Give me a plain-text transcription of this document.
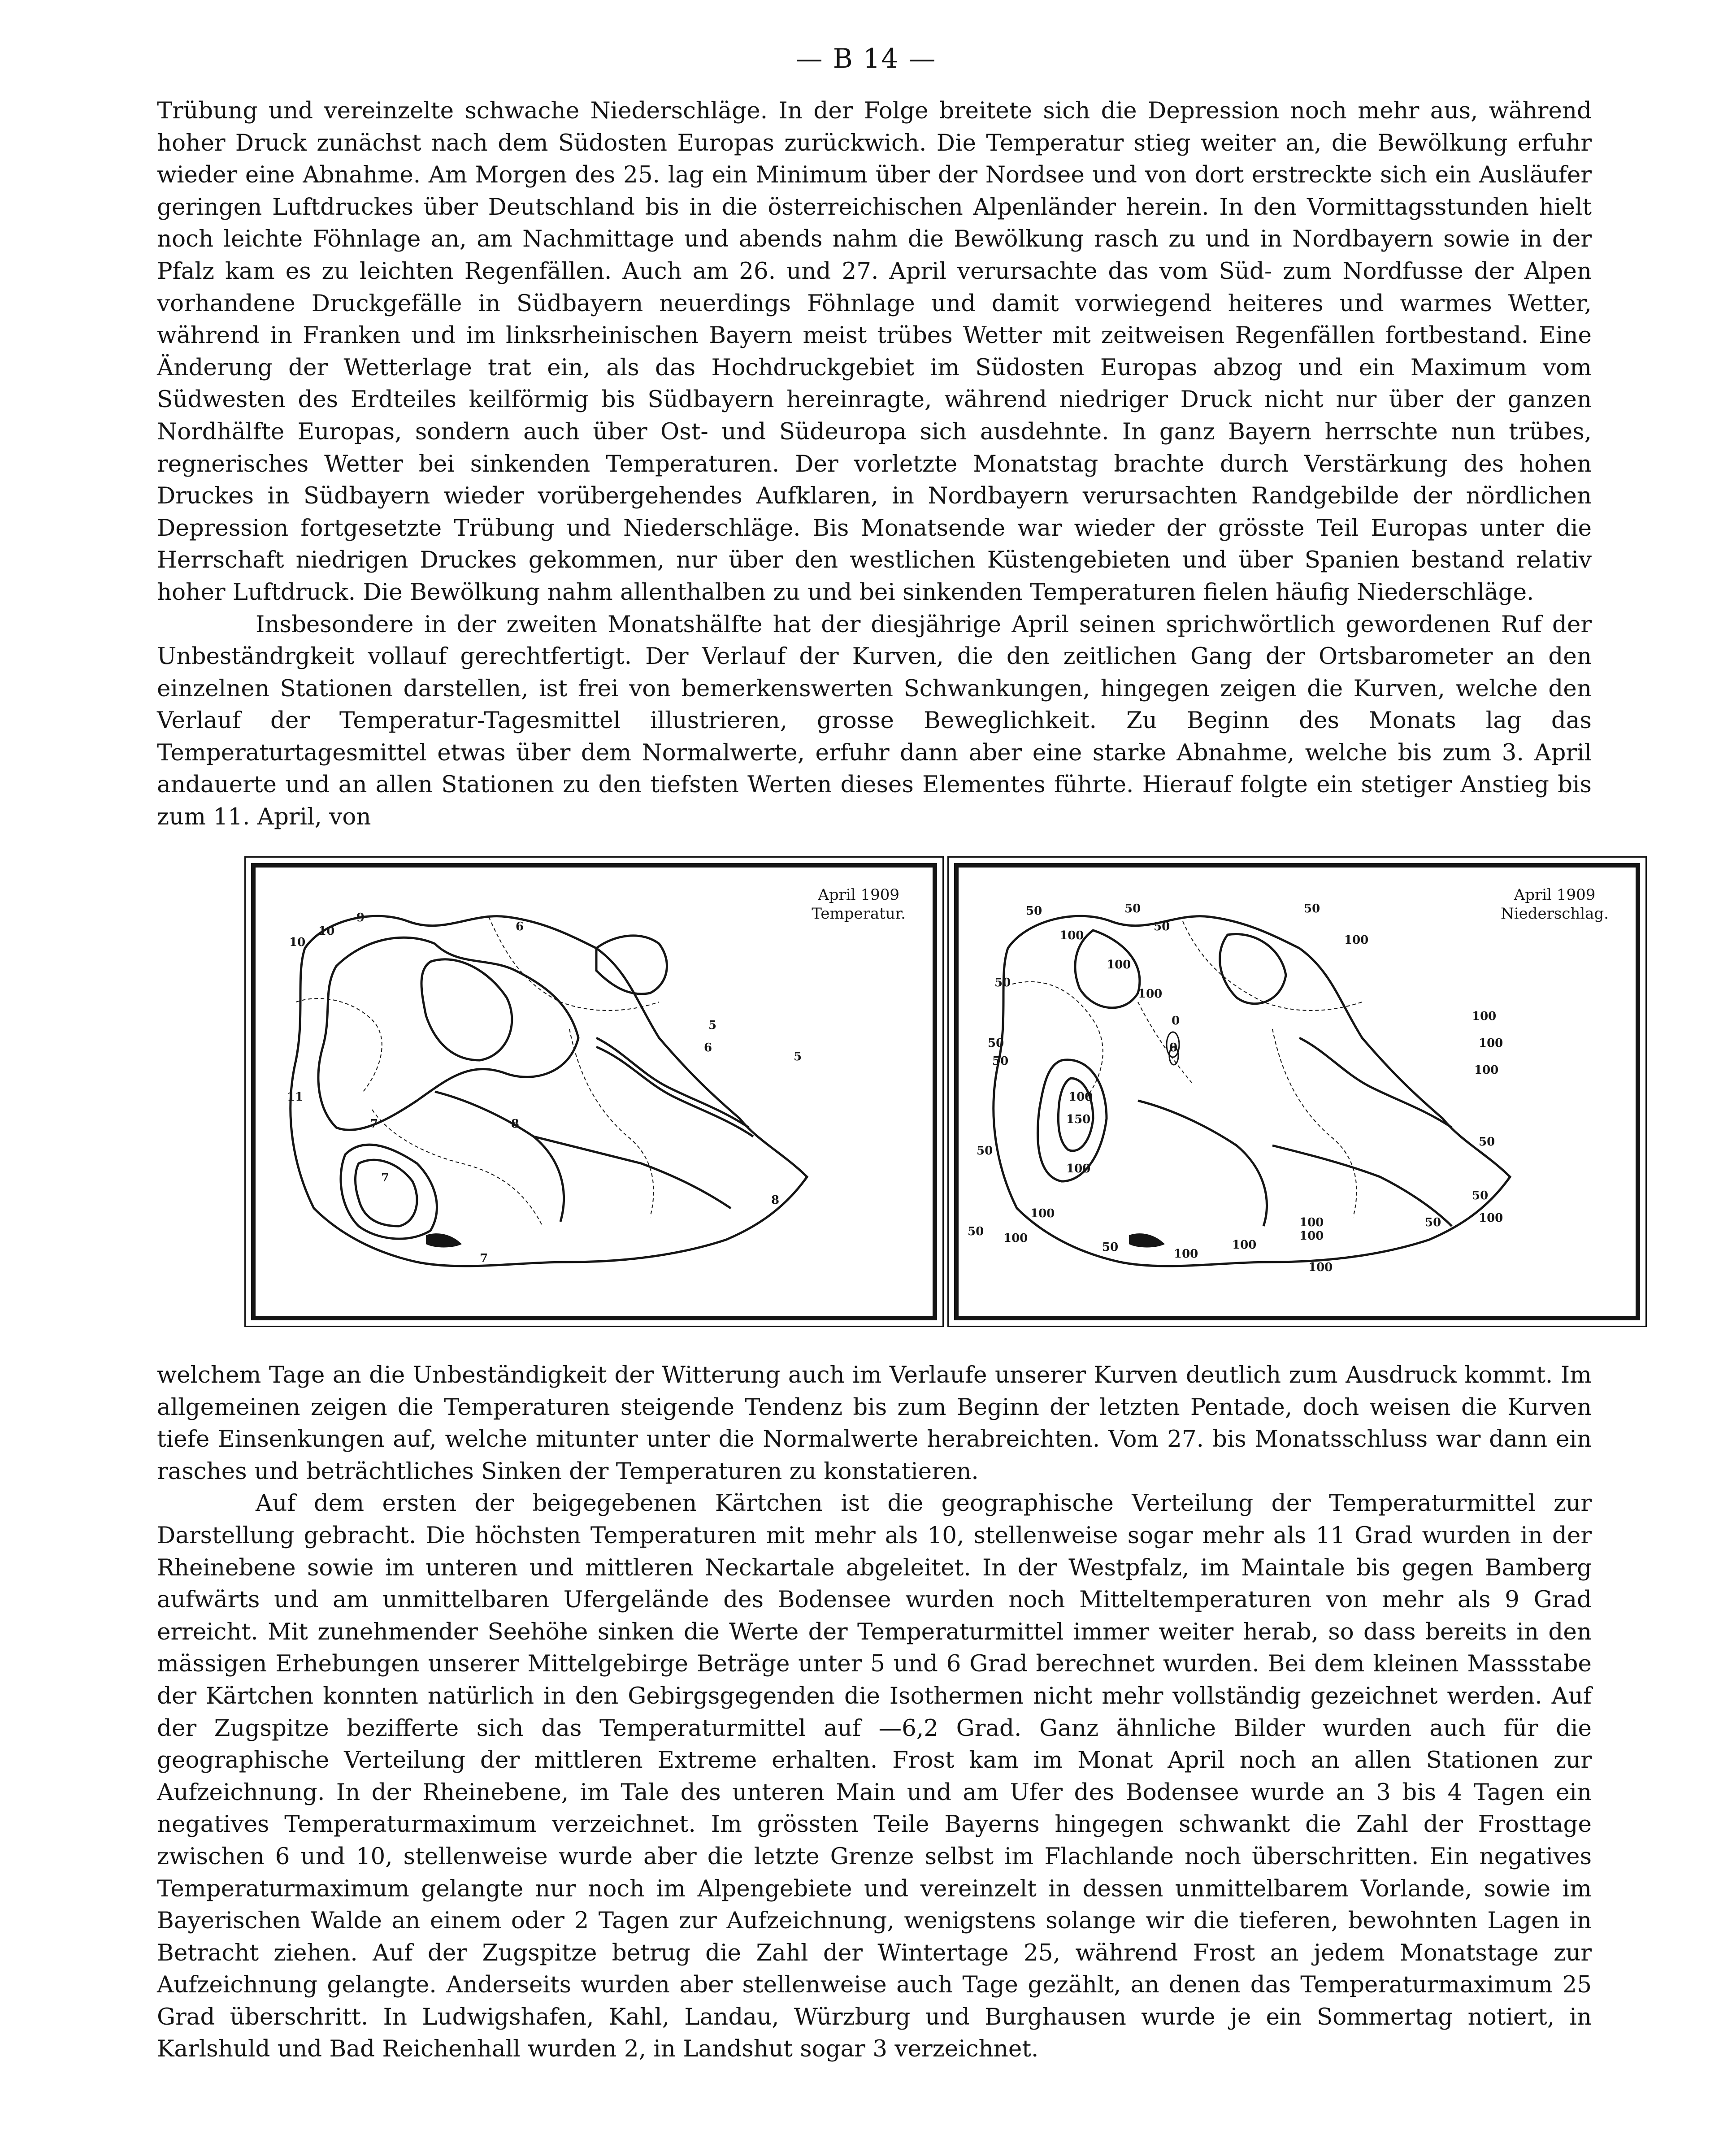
— B 14 —

Trübung und vereinzelte schwache Niederschläge. In der Folge breitete sich die Depression noch mehr aus, während hoher Druck zunächst nach dem Südosten Europas zurückwich. Die Temperatur stieg weiter an, die Bewölkung erfuhr wieder eine Abnahme. Am Morgen des 25. lag ein Minimum über der Nordsee und von dort erstreckte sich ein Ausläufer geringen Luftdruckes über Deutschland bis in die österreichischen Alpenländer herein. In den Vormittagsstunden hielt noch leichte Föhnlage an, am Nachmittage und abends nahm die Bewölkung rasch zu und in Nordbayern sowie in der Pfalz kam es zu leichten Regenfällen. Auch am 26. und 27. April verursachte das vom Süd- zum Nordfusse der Alpen vorhandene Druckgefälle in Südbayern neuerdings Föhnlage und damit vorwiegend heiteres und warmes Wetter, während in Franken und im linksrheinischen Bayern meist trübes Wetter mit zeitweisen Regenfällen fortbestand. Eine Änderung der Wetterlage trat ein, als das Hochdruckgebiet im Südosten Europas abzog und ein Maximum vom Südwesten des Erdteiles keilförmig bis Südbayern hereinragte, während niedriger Druck nicht nur über der ganzen Nordhälfte Europas, sondern auch über Ost- und Südeuropa sich ausdehnte. In ganz Bayern herrschte nun trübes, regnerisches Wetter bei sinkenden Temperaturen. Der vorletzte Monatstag brachte durch Verstärkung des hohen Druckes in Südbayern wieder vorübergehendes Aufklaren, in Nordbayern verursachten Randgebilde der nördlichen Depression fortgesetzte Trübung und Niederschläge. Bis Monatsende war wieder der grösste Teil Europas unter die Herrschaft niedrigen Druckes gekommen, nur über den westlichen Küstengebieten und über Spanien bestand relativ hoher Luftdruck. Die Bewölkung nahm allenthalben zu und bei sinkenden Temperaturen fielen häufig Niederschläge.

Insbesondere in der zweiten Monatshälfte hat der diesjährige April seinen sprichwörtlich gewordenen Ruf der Unbeständrgkeit vollauf gerechtfertigt. Der Verlauf der Kurven, die den zeitlichen Gang der Ortsbarometer an den einzelnen Stationen darstellen, ist frei von bemerkenswerten Schwankungen, hingegen zeigen die Kurven, welche den Verlauf der Temperatur-Tagesmittel illustrieren, grosse Beweglichkeit. Zu Beginn des Monats lag das Temperaturtagesmittel etwas über dem Normalwerte, erfuhr dann aber eine starke Abnahme, welche bis zum 3. April andauerte und an allen Stationen zu den tiefsten Werten dieses Elementes führte. Hierauf folgte ein stetiger Anstieg bis zum 11. April, von

10
9
10
6
11
7
7
8
6
5
5
8
7
April 1909
Temperatur.	50	50
50
50
100	100
100
50
100
0
0
100
50
50
100
100
100
150
100
50
50
100
100
50
50
100
100
100
100
100
50
100
50
April 1909
Niederschlag.

welchem Tage an die Unbeständigkeit der Witterung auch im Verlaufe unserer Kurven deutlich zum Ausdruck kommt. Im allgemeinen zeigen die Temperaturen steigende Tendenz bis zum Beginn der letzten Pentade, doch weisen die Kurven tiefe Einsenkungen auf, welche mitunter unter die Normalwerte herabreichten. Vom 27. bis Monatsschluss war dann ein rasches und beträchtliches Sinken der Temperaturen zu konstatieren.

Auf dem ersten der beigegebenen Kärtchen ist die geographische Verteilung der Temperaturmittel zur Darstellung gebracht. Die höchsten Temperaturen mit mehr als 10, stellenweise sogar mehr als 11 Grad wurden in der Rheinebene sowie im unteren und mittleren Neckartale abgeleitet. In der Westpfalz, im Maintale bis gegen Bamberg aufwärts und am unmittelbaren Ufergelände des Bodensee wurden noch Mitteltemperaturen von mehr als 9 Grad erreicht. Mit zunehmender Seehöhe sinken die Werte der Temperaturmittel immer weiter herab, so dass bereits in den mässigen Erhebungen unserer Mittelgebirge Beträge unter 5 und 6 Grad berechnet wurden. Bei dem kleinen Massstabe der Kärtchen konnten natürlich in den Gebirgsgegenden die Isothermen nicht mehr vollständig gezeichnet werden. Auf der Zugspitze bezifferte sich das Temperaturmittel auf —6,2 Grad. Ganz ähnliche Bilder wurden auch für die geographische Verteilung der mittleren Extreme erhalten. Frost kam im Monat April noch an allen Stationen zur Aufzeichnung. In der Rheinebene, im Tale des unteren Main und am Ufer des Bodensee wurde an 3 bis 4 Tagen ein negatives Temperaturmaximum verzeichnet. Im grössten Teile Bayerns hingegen schwankt die Zahl der Frosttage zwischen 6 und 10, stellenweise wurde aber die letzte Grenze selbst im Flachlande noch überschritten. Ein negatives Temperaturmaximum gelangte nur noch im Alpengebiete und vereinzelt in dessen unmittelbarem Vorlande, sowie im Bayerischen Walde an einem oder 2 Tagen zur Aufzeichnung, wenigstens solange wir die tieferen, bewohnten Lagen in Betracht ziehen. Auf der Zugspitze betrug die Zahl der Wintertage 25, während Frost an jedem Monatstage zur Aufzeichnung gelangte. Anderseits wurden aber stellenweise auch Tage gezählt, an denen das Temperaturmaximum 25 Grad überschritt. In Ludwigshafen, Kahl, Landau, Würzburg und Burghausen wurde je ein Sommertag notiert, in Karlshuld und Bad Reichenhall wurden 2, in Landshut sogar 3 verzeichnet.
